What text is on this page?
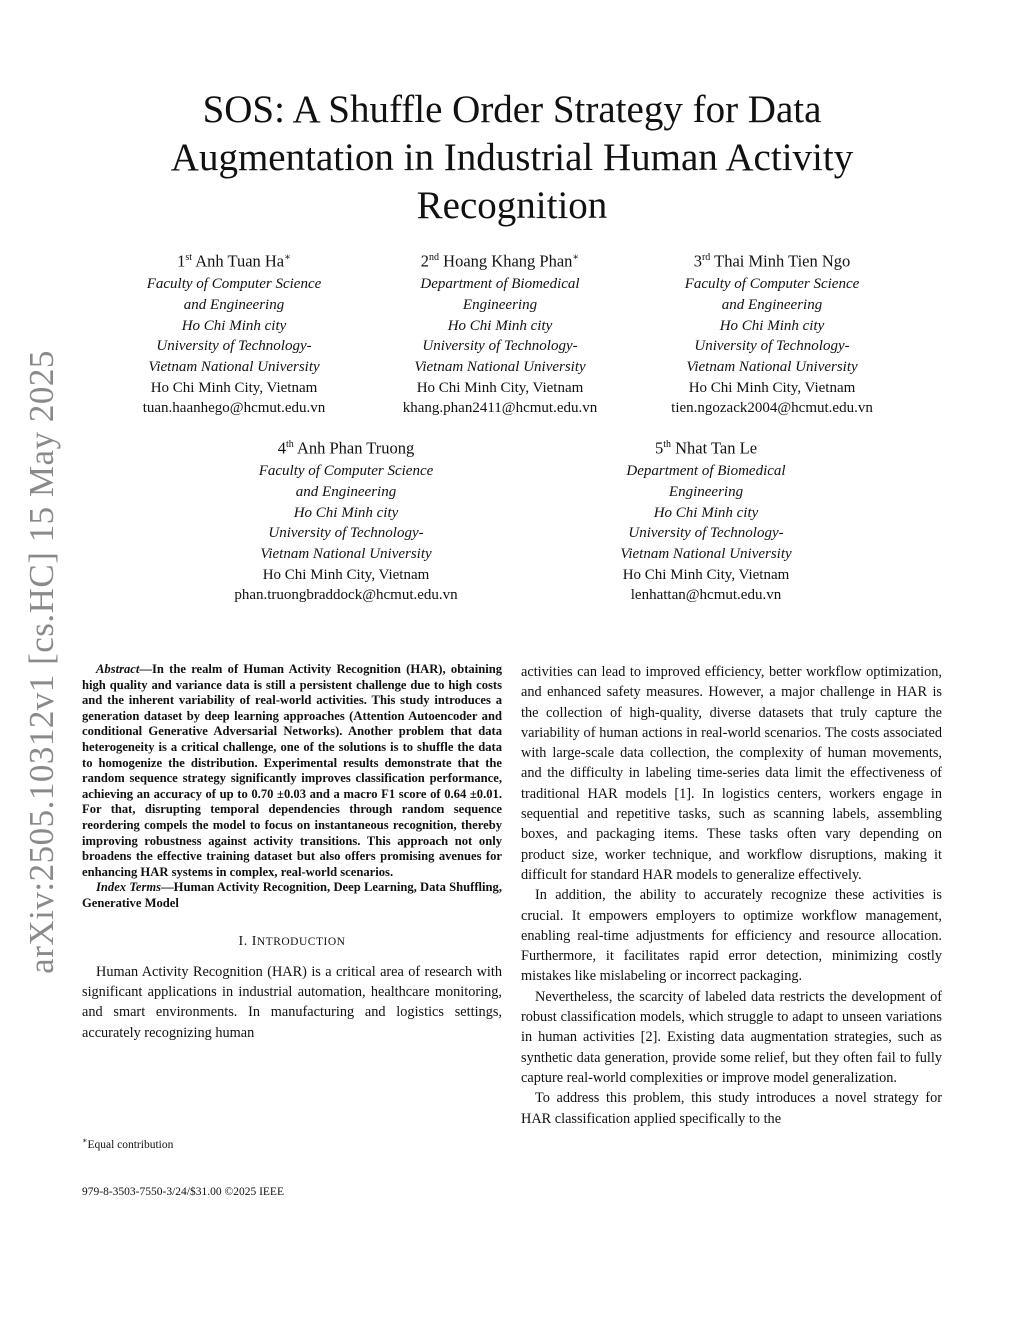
arXiv:2505.10312v1 [cs.HC] 15 May 2025
SOS: A Shuffle Order Strategy for Data Augmentation in Industrial Human Activity Recognition
1st Anh Tuan Ha∗
Faculty of Computer Science
and Engineering
Ho Chi Minh city
University of Technology-
Vietnam National University
Ho Chi Minh City, Vietnam
tuan.haanhego@hcmut.edu.vn
2nd Hoang Khang Phan∗
Department of Biomedical
Engineering
Ho Chi Minh city
University of Technology-
Vietnam National University
Ho Chi Minh City, Vietnam
khang.phan2411@hcmut.edu.vn
3rd Thai Minh Tien Ngo
Faculty of Computer Science
and Engineering
Ho Chi Minh city
University of Technology-
Vietnam National University
Ho Chi Minh City, Vietnam
tien.ngozack2004@hcmut.edu.vn
4th Anh Phan Truong
Faculty of Computer Science
and Engineering
Ho Chi Minh city
University of Technology-
Vietnam National University
Ho Chi Minh City, Vietnam
phan.truongbraddock@hcmut.edu.vn
5th Nhat Tan Le
Department of Biomedical
Engineering
Ho Chi Minh city
University of Technology-
Vietnam National University
Ho Chi Minh City, Vietnam
lenhattan@hcmut.edu.vn

Abstract—In the realm of Human Activity Recognition (HAR), obtaining high quality and variance data is still a persistent challenge due to high costs and the inherent variability of real-world activities. This study introduces a generation dataset by deep learning approaches (Attention Autoencoder and conditional Generative Adversarial Networks). Another problem that data heterogeneity is a critical challenge, one of the solutions is to shuffle the data to homogenize the distribution. Experimental results demonstrate that the random sequence strategy significantly improves classification performance, achieving an accuracy of up to 0.70 ±0.03 and a macro F1 score of 0.64 ±0.01. For that, disrupting temporal dependencies through random sequence reordering compels the model to focus on instantaneous recognition, thereby improving robustness against activity transitions. This approach not only broadens the effective training dataset but also offers promising avenues for enhancing HAR systems in complex, real-world scenarios.

Index Terms—Human Activity Recognition, Deep Learning, Data Shuffling, Generative Model

I. INTRODUCTION

Human Activity Recognition (HAR) is a critical area of research with significant applications in industrial automation, healthcare monitoring, and smart environments. In manufacturing and logistics settings, accurately recognizing human

∗Equal contribution
979-8-3503-7550-3/24/$31.00 ©2025 IEEE

activities can lead to improved efficiency, better workflow optimization, and enhanced safety measures. However, a major challenge in HAR is the collection of high-quality, diverse datasets that truly capture the variability of human actions in real-world scenarios. The costs associated with large-scale data collection, the complexity of human movements, and the difficulty in labeling time-series data limit the effectiveness of traditional HAR models [1]. In logistics centers, workers engage in sequential and repetitive tasks, such as scanning labels, assembling boxes, and packaging items. These tasks often vary depending on product size, worker technique, and workflow disruptions, making it difficult for standard HAR models to generalize effectively.

In addition, the ability to accurately recognize these activities is crucial. It empowers employers to optimize workflow management, enabling real-time adjustments for efficiency and resource allocation. Furthermore, it facilitates rapid error detection, minimizing costly mistakes like mislabeling or incorrect packaging.

Nevertheless, the scarcity of labeled data restricts the development of robust classification models, which struggle to adapt to unseen variations in human activities [2]. Existing data augmentation strategies, such as synthetic data generation, provide some relief, but they often fail to fully capture real-world complexities or improve model generalization.

To address this problem, this study introduces a novel strategy for HAR classification applied specifically to the
